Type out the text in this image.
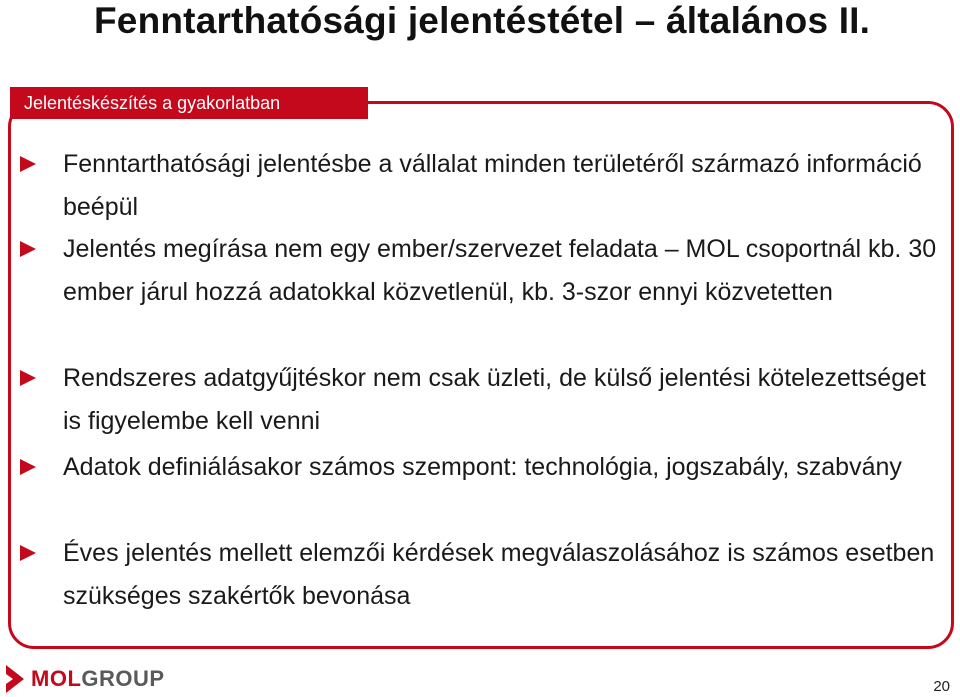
Fenntarthatósági jelentéstétel – általános II.
Jelentéskészítés a gyakorlatban
Fenntarthatósági jelentésbe a vállalat minden területéről származó információ beépül
Jelentés megírása nem egy ember/szervezet feladata – MOL csoportnál kb. 30 ember járul hozzá adatokkal közvetlenül, kb. 3-szor ennyi közvetetten
Rendszeres adatgyűjtéskor nem csak üzleti, de külső jelentési kötelezettséget is figyelembe kell venni
Adatok definiálásakor számos szempont: technológia, jogszabály, szabvány
Éves jelentés mellett elemzői kérdések megválaszolásához is számos esetben szükséges szakértők bevonása
MOLGROUP	20
